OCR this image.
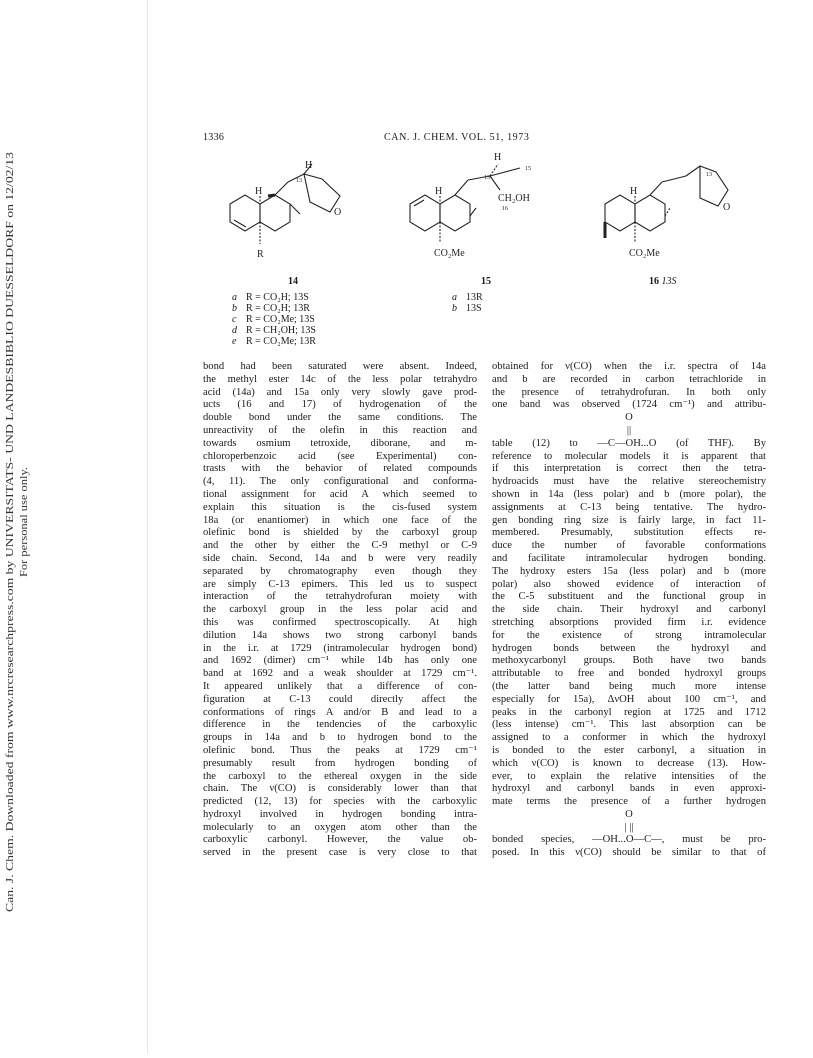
Can. J. Chem. Downloaded from www.nrcresearchpress.com by UNIVERSITATS- UND LANDESBIBLIO DUESSELDORF on 12/02/13 For personal use only.
1336	CAN. J. CHEM. VOL. 51, 1973
H
H
13
O
R
H
13
15
CH₂OH
16
H
CO₂Me
13
H
O
CO₂Me
14	15	16 13S
a R = CO₂H; 13S
b R = CO₂H; 13R
c R = CO₂Me; 13S
d R = CH₂OH; 13S
e R = CO₂Me; 13R
a 13R
b 13S
bond had been saturated were absent. Indeed,
the methyl ester 14c of the less polar tetrahydro
acid (14a) and 15a only very slowly gave prod-
ucts (16 and 17) of hydrogenation of the
double bond under the same conditions. The
unreactivity of the olefin in this reaction and
towards osmium tetroxide, diborane, and m-
chloroperbenzoic acid (see Experimental) con-
trasts with the behavior of related compounds
(4, 11). The only configurational and conforma-
tional assignment for acid A which seemed to
explain this situation is the cis-fused system
18a (or enantiomer) in which one face of the
olefinic bond is shielded by the carboxyl group
and the other by either the C-9 methyl or C-9
side chain. Second, 14a and b were very readily
separated by chromatography even though they
are simply C-13 epimers. This led us to suspect
interaction of the tetrahydrofuran moiety with
the carboxyl group in the less polar acid and
this was confirmed spectroscopically. At high
dilution 14a shows two strong carbonyl bands
in the i.r. at 1729 (intramolecular hydrogen bond)
and 1692 (dimer) cm⁻¹ while 14b has only one
band at 1692 and a weak shoulder at 1729 cm⁻¹.
It appeared unlikely that a difference of con-
figuration at C-13 could directly affect the
conformations of rings A and/or B and lead to a
difference in the tendencies of the carboxylic
groups in 14a and b to hydrogen bond to the
olefinic bond. Thus the peaks at 1729 cm⁻¹
presumably result from hydrogen bonding of
the carboxyl to the ethereal oxygen in the side
chain. The ν(CO) is considerably lower than that
predicted (12, 13) for species with the carboxylic
hydroxyl involved in hydrogen bonding intra-
molecularly to an oxygen atom other than the
carboxylic carbonyl. However, the value ob-
served in the present case is very close to that
obtained for ν(CO) when the i.r. spectra of 14a
and b are recorded in carbon tetrachloride in
the presence of tetrahydrofuran. In both only
one band was observed (1724 cm⁻¹) and attribu-
O
||
table (12) to —C—OH...O (of THF). By
reference to molecular models it is apparent that
if this interpretation is correct then the tetra-
hydroacids must have the relative stereochemistry
shown in 14a (less polar) and b (more polar), the
assignments at C-13 being tentative. The hydro-
gen bonding ring size is fairly large, in fact 11-
membered. Presumably, substitution effects re-
duce the number of favorable conformations
and facilitate intramolecular hydrogen bonding.
The hydroxy esters 15a (less polar) and b (more
polar) also showed evidence of interaction of
the C-5 substituent and the functional group in
the side chain. Their hydroxyl and carbonyl
stretching absorptions provided firm i.r. evidence
for the existence of strong intramolecular
hydrogen bonds between the hydroxyl and
methoxycarbonyl groups. Both have two bands
attributable to free and bonded hydroxyl groups
(the latter band being much more intense
especially for 15a), ΔνOH about 100 cm⁻¹, and
peaks in the carbonyl region at 1725 and 1712
(less intense) cm⁻¹. This last absorption can be
assigned to a conformer in which the hydroxyl
is bonded to the ester carbonyl, a situation in
which ν(CO) is known to decrease (13). How-
ever, to explain the relative intensities of the
hydroxyl and carbonyl bands in even approxi-
mate terms the presence of a further hydrogen
O
| ||
bonded species, —OH...O—C—, must be pro-
posed. In this ν(CO) should be similar to that of
